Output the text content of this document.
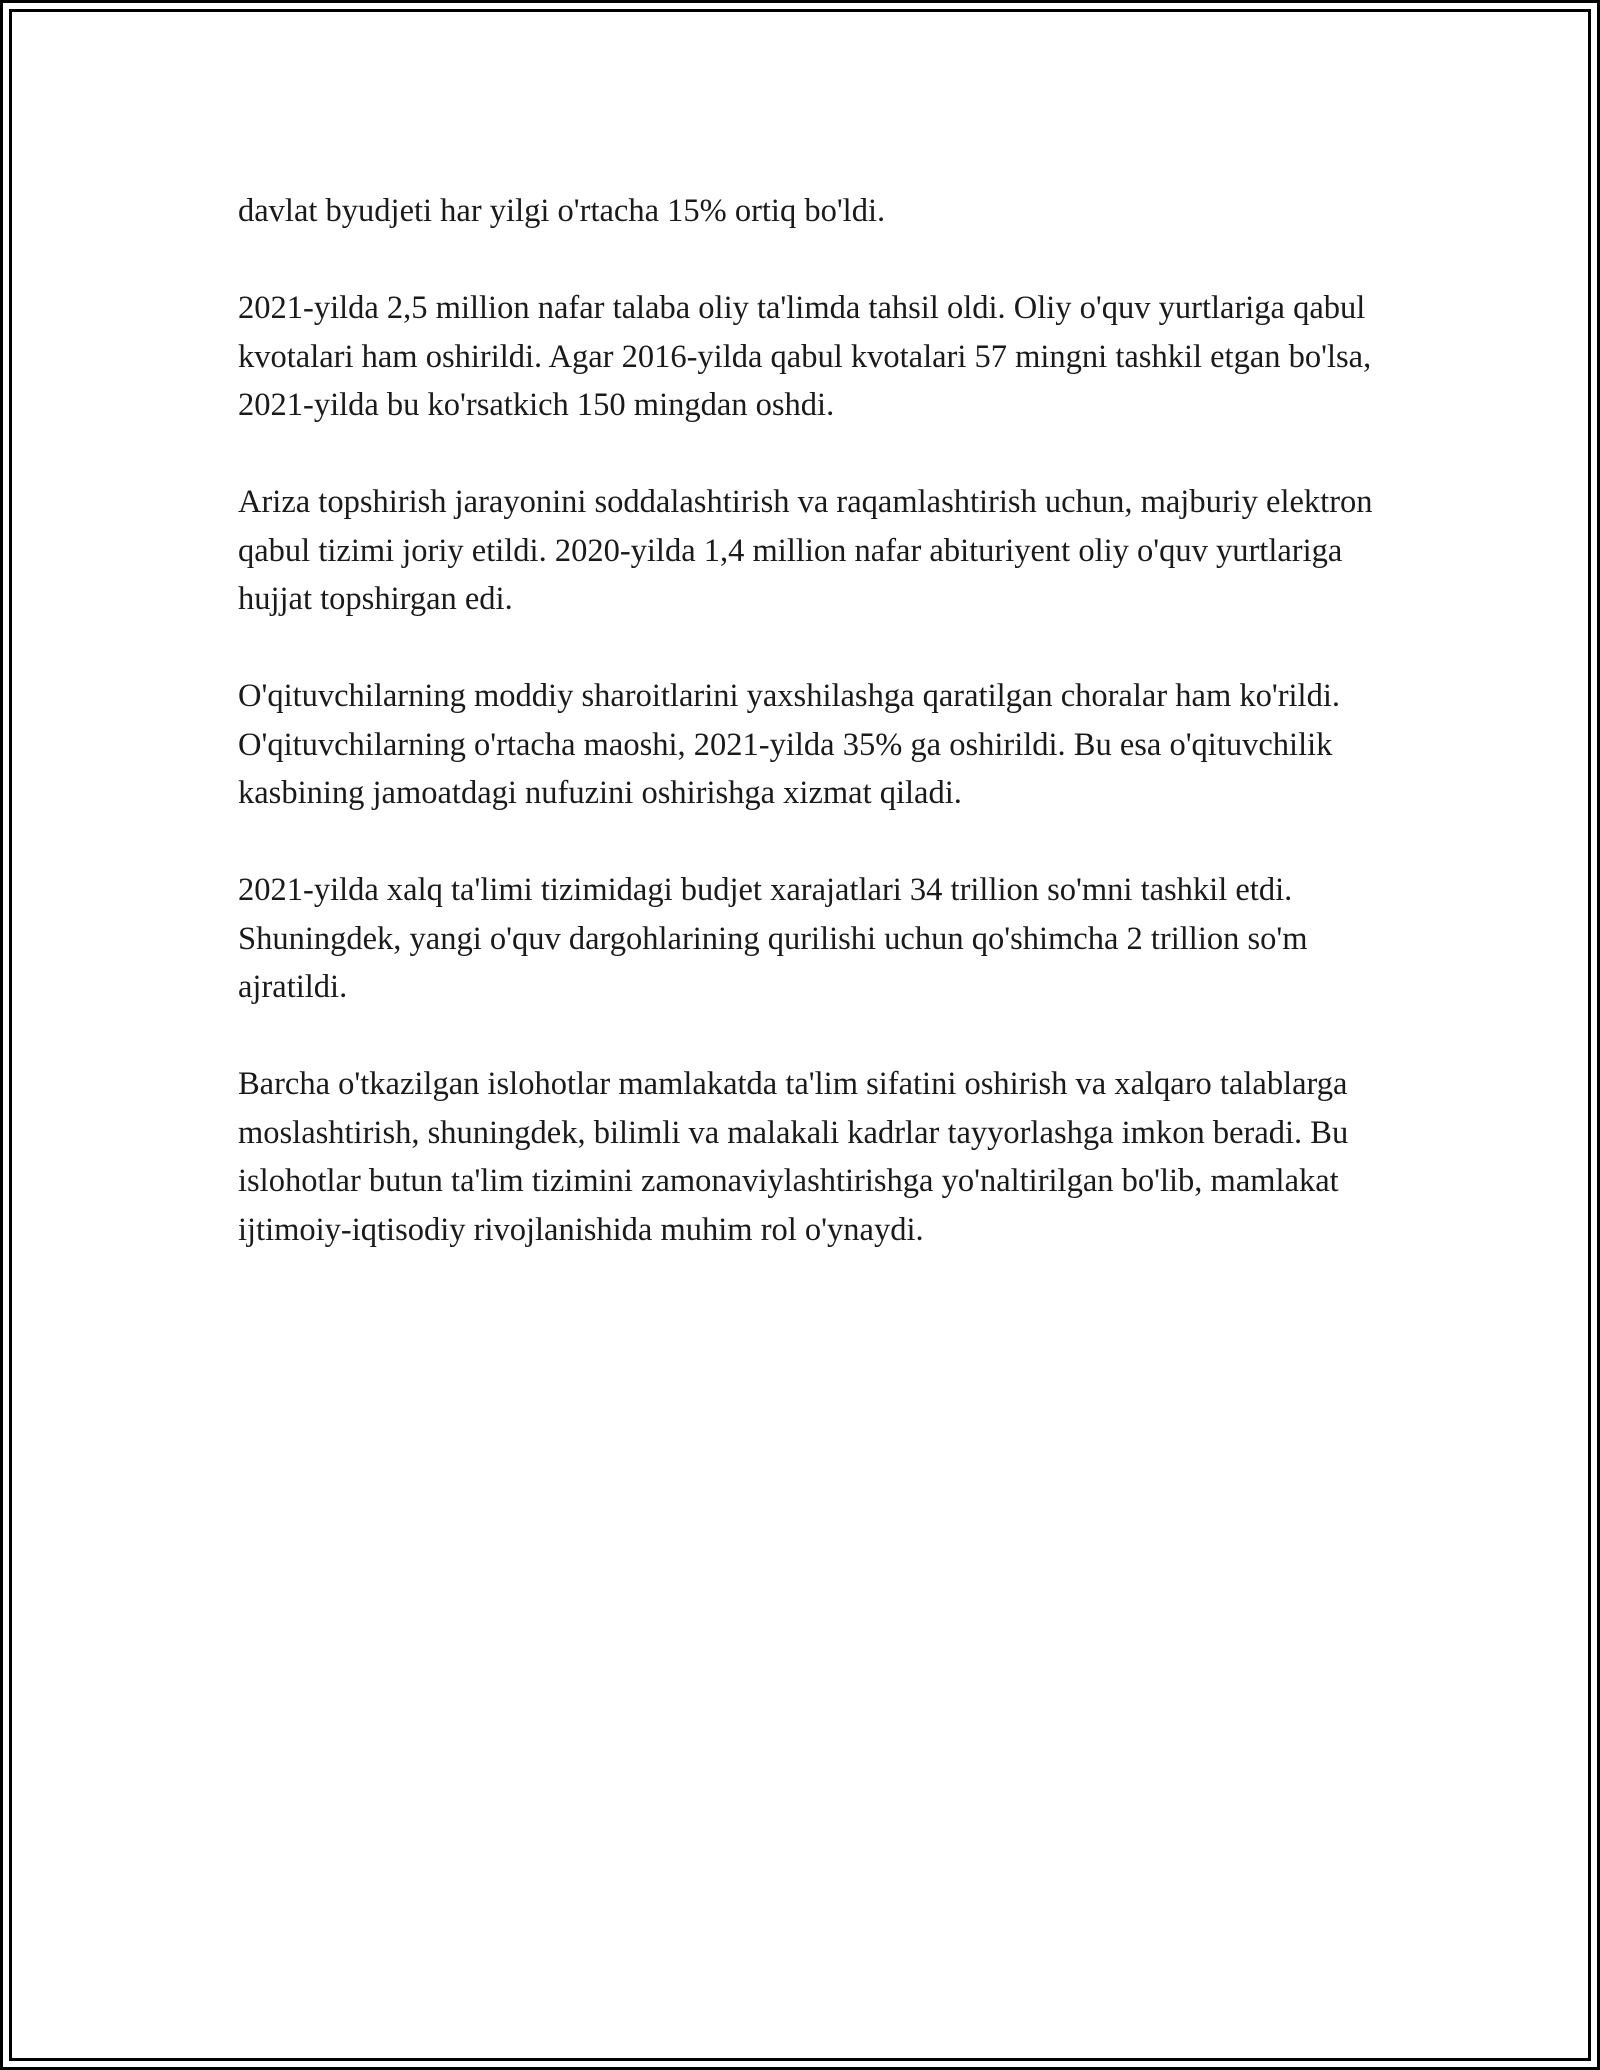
davlat byudjeti har yilgi o'rtacha 15% ortiq bo'ldi.

2021-yilda 2,5 million nafar talaba oliy ta'limda tahsil oldi. Oliy o'quv yurtlariga qabul kvotalari ham oshirildi. Agar 2016-yilda qabul kvotalari 57 mingni tashkil etgan bo'lsa, 2021-yilda bu ko'rsatkich 150 mingdan oshdi.

Ariza topshirish jarayonini soddalashtirish va raqamlashtirish uchun, majburiy elektron qabul tizimi joriy etildi. 2020-yilda 1,4 million nafar abituriyent oliy o'quv yurtlariga hujjat topshirgan edi.

O'qituvchilarning moddiy sharoitlarini yaxshilashga qaratilgan choralar ham ko'rildi. O'qituvchilarning o'rtacha maoshi, 2021-yilda 35% ga oshirildi. Bu esa o'qituvchilik kasbining jamoatdagi nufuzini oshirishga xizmat qiladi.

2021-yilda xalq ta'limi tizimidagi budjet xarajatlari 34 trillion so'mni tashkil etdi. Shuningdek, yangi o'quv dargohlarining qurilishi uchun qo'shimcha 2 trillion so'm ajratildi.

Barcha o'tkazilgan islohotlar mamlakatda ta'lim sifatini oshirish va xalqaro talablarga moslashtirish, shuningdek, bilimli va malakali kadrlar tayyorlashga imkon beradi. Bu islohotlar butun ta'lim tizimini zamonaviylashtirishga yo'naltirilgan bo'lib, mamlakat ijtimoiy-iqtisodiy rivojlanishida muhim rol o'ynaydi.
